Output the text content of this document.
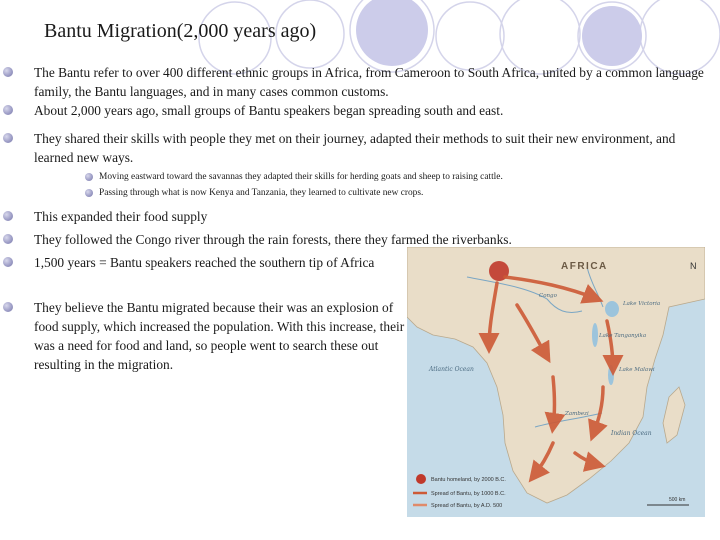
Bantu Migration(2,000 years ago)
The Bantu refer to over 400 different ethnic groups in Africa, from Cameroon to South Africa, united by a common language family, the Bantu languages, and in many cases common customs.
About 2,000 years ago, small groups of Bantu speakers began spreading south and east.
They shared their skills with people they met on their journey, adapted their methods to suit their new environment, and learned new ways.
Moving eastward toward the savannas they adapted their skills for herding goats and sheep to raising cattle.
Passing through what is now Kenya and Tanzania, they learned to cultivate new crops.
This expanded their food supply
They followed the Congo river through the rain forests, there they farmed the riverbanks.
1,500 years = Bantu speakers reached the southern tip of Africa
They believe the Bantu migrated because their was an explosion of food supply, which increased the population. With this increase, their was a need for food and land, so people went to search these out resulting in the migration.
AFRICA	N
Congo
Lake Victoria
Lake Tanganyika
Lake Malawi
Atlantic Ocean
Indian Ocean
Zambezi
Bantu homeland, by 2000 B.C.
Spread of Bantu, by 1000 B.C.
Spread of Bantu, by A.D. 500
500 km
